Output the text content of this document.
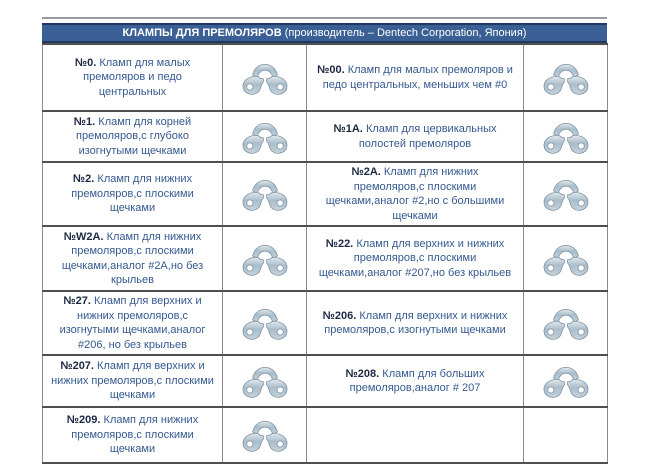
КЛАМПЫ ДЛЯ ПРЕМОЛЯРОВ (производитель – Dentech Corporation, Япония)
№0. Кламп для малых премоляров и педо центральных		№00. Кламп для малых премоляров и педо центральных, меньших чем #0	
№1. Кламп для корней премоляров,с глубоко изогнутыми щечками		№1А. Кламп для цервикальных полостей премоляров	
№2. Кламп для нижних премоляров,с плоскими щечками		№2А. Кламп для нижних премоляров,с плоскими щечками,аналог #2,но с большими щечками	
№W2А. Кламп для нижних премоляров,с плоскими щечками,аналог #2А,но без крыльев		№22. Кламп для верхних и нижних премоляров,с плоскими щечками,аналог #207,но без крыльев	
№27. Кламп для верхних и нижних премоляров,с изогнутыми щечками,аналог #206, но без крыльев		№206. Кламп для верхних и нижних премоляров,с изогнутыми щечками	
№207. Кламп для верхних и нижних премоляров,с плоскими щечками		№208. Кламп для больших премоляров,аналог # 207	
№209. Кламп для нижних премоляров,с плоскими щечками			
